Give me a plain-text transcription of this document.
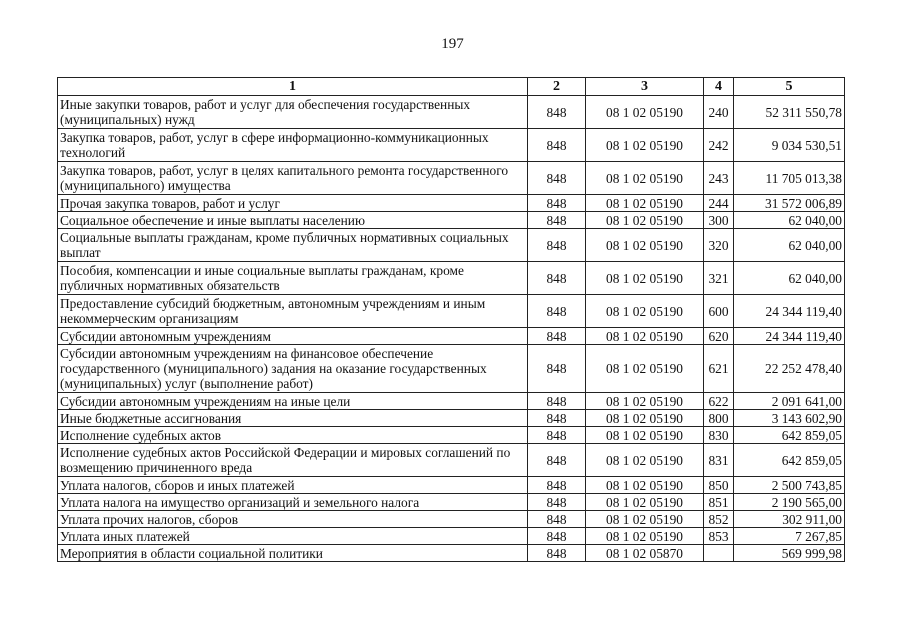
197
1	2	3	4	5
Иные закупки товаров, работ и услуг для обеспечения государственных (муниципальных) нужд	848	08 1 02 05190	240	52 311 550,78
Закупка товаров, работ, услуг в сфере информационно-коммуникационных технологий	848	08 1 02 05190	242	9 034 530,51
Закупка товаров, работ, услуг в целях капитального ремонта государственного (муниципального) имущества	848	08 1 02 05190	243	11 705 013,38
Прочая закупка товаров, работ и услуг	848	08 1 02 05190	244	31 572 006,89
Социальное обеспечение и иные выплаты населению	848	08 1 02 05190	300	62 040,00
Социальные выплаты гражданам, кроме публичных нормативных социальных выплат	848	08 1 02 05190	320	62 040,00
Пособия, компенсации и иные социальные выплаты гражданам, кроме публичных нормативных обязательств	848	08 1 02 05190	321	62 040,00
Предоставление субсидий бюджетным, автономным учреждениям и иным некоммерческим организациям	848	08 1 02 05190	600	24 344 119,40
Субсидии автономным учреждениям	848	08 1 02 05190	620	24 344 119,40
Субсидии автономным учреждениям на финансовое обеспечение государственного (муниципального) задания на оказание государственных (муниципальных) услуг (выполнение работ)	848	08 1 02 05190	621	22 252 478,40
Субсидии автономным учреждениям на иные цели	848	08 1 02 05190	622	2 091 641,00
Иные бюджетные ассигнования	848	08 1 02 05190	800	3 143 602,90
Исполнение судебных актов	848	08 1 02 05190	830	642 859,05
Исполнение судебных актов Российской Федерации и мировых соглашений по возмещению причиненного вреда	848	08 1 02 05190	831	642 859,05
Уплата налогов, сборов и иных платежей	848	08 1 02 05190	850	2 500 743,85
Уплата налога на имущество организаций и земельного налога	848	08 1 02 05190	851	2 190 565,00
Уплата прочих налогов, сборов	848	08 1 02 05190	852	302 911,00
Уплата иных платежей	848	08 1 02 05190	853	7 267,85
Мероприятия в области социальной политики	848	08 1 02 05870		569 999,98
